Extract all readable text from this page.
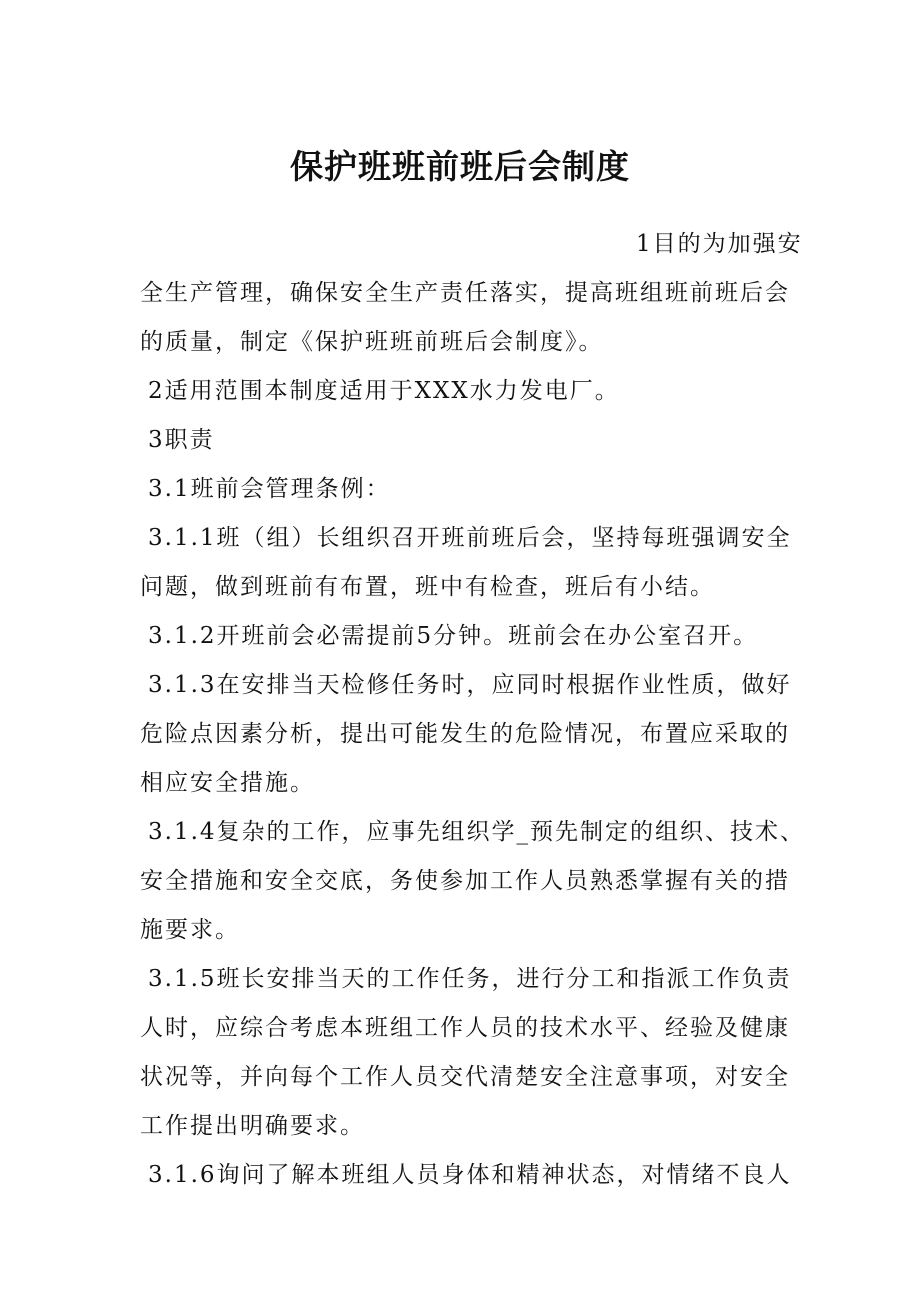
保护班班前班后会制度
1目的为加强安
全生产管理，确保安全生产责任落实，提高班组班前班后会
的质量，制定《保护班班前班后会制度》。
2适用范围本制度适用于XXX水力发电厂。
3职责
3.1班前会管理条例：
3.1.1班（组）长组织召开班前班后会，坚持每班强调安全
问题，做到班前有布置，班中有检查，班后有小结。
3.1.2开班前会必需提前5分钟。班前会在办公室召开。
3.1.3在安排当天检修任务时，应同时根据作业性质，做好
危险点因素分析，提出可能发生的危险情况，布置应采取的
相应安全措施。
3.1.4复杂的工作，应事先组织学_预先制定的组织、技术、
安全措施和安全交底，务使参加工作人员熟悉掌握有关的措
施要求。
3.1.5班长安排当天的工作任务，进行分工和指派工作负责
人时，应综合考虑本班组工作人员的技术水平、经验及健康
状况等，并向每个工作人员交代清楚安全注意事项，对安全
工作提出明确要求。
3.1.6询问了解本班组人员身体和精神状态，对情绪不良人
